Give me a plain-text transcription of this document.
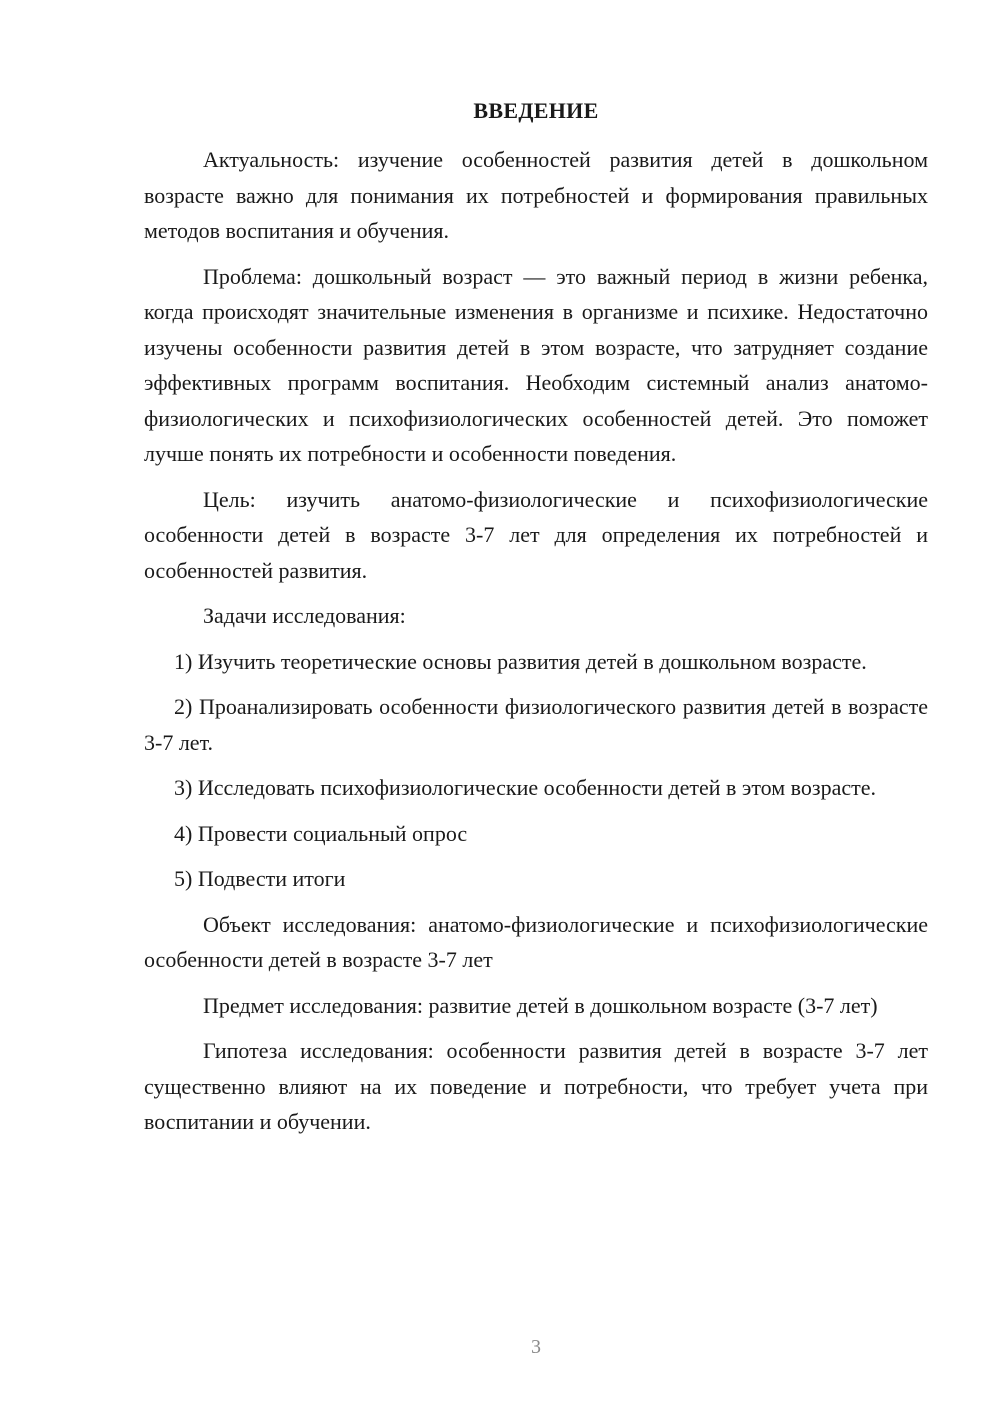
ВВЕДЕНИЕ

Актуальность: изучение особенностей развития детей в дошкольном возрасте важно для понимания их потребностей и формирования правильных методов воспитания и обучения.

Проблема: дошкольный возраст — это важный период в жизни ребенка, когда происходят значительные изменения в организме и психике. Недостаточно изучены особенности развития детей в этом возрасте, что затрудняет создание эффективных программ воспитания. Необходим системный анализ анатомо-физиологических и психофизиологических особенностей детей. Это поможет лучше понять их потребности и особенности поведения.

Цель: изучить анатомо-физиологические и психофизиологические особенности детей в возрасте 3-7 лет для определения их потребностей и особенностей развития.

Задачи исследования:

1) Изучить теоретические основы развития детей в дошкольном возрасте.

2) Проанализировать особенности физиологического развития детей в возрасте 3-7 лет.

3) Исследовать психофизиологические особенности детей в этом возрасте.

4) Провести социальный опрос

5) Подвести итоги

Объект исследования: анатомо-физиологические и психофизиологические особенности детей в возрасте 3-7 лет

Предмет исследования: развитие детей в дошкольном возрасте (3-7 лет)

Гипотеза исследования: особенности развития детей в возрасте 3-7 лет существенно влияют на их поведение и потребности, что требует учета при воспитании и обучении.

3
